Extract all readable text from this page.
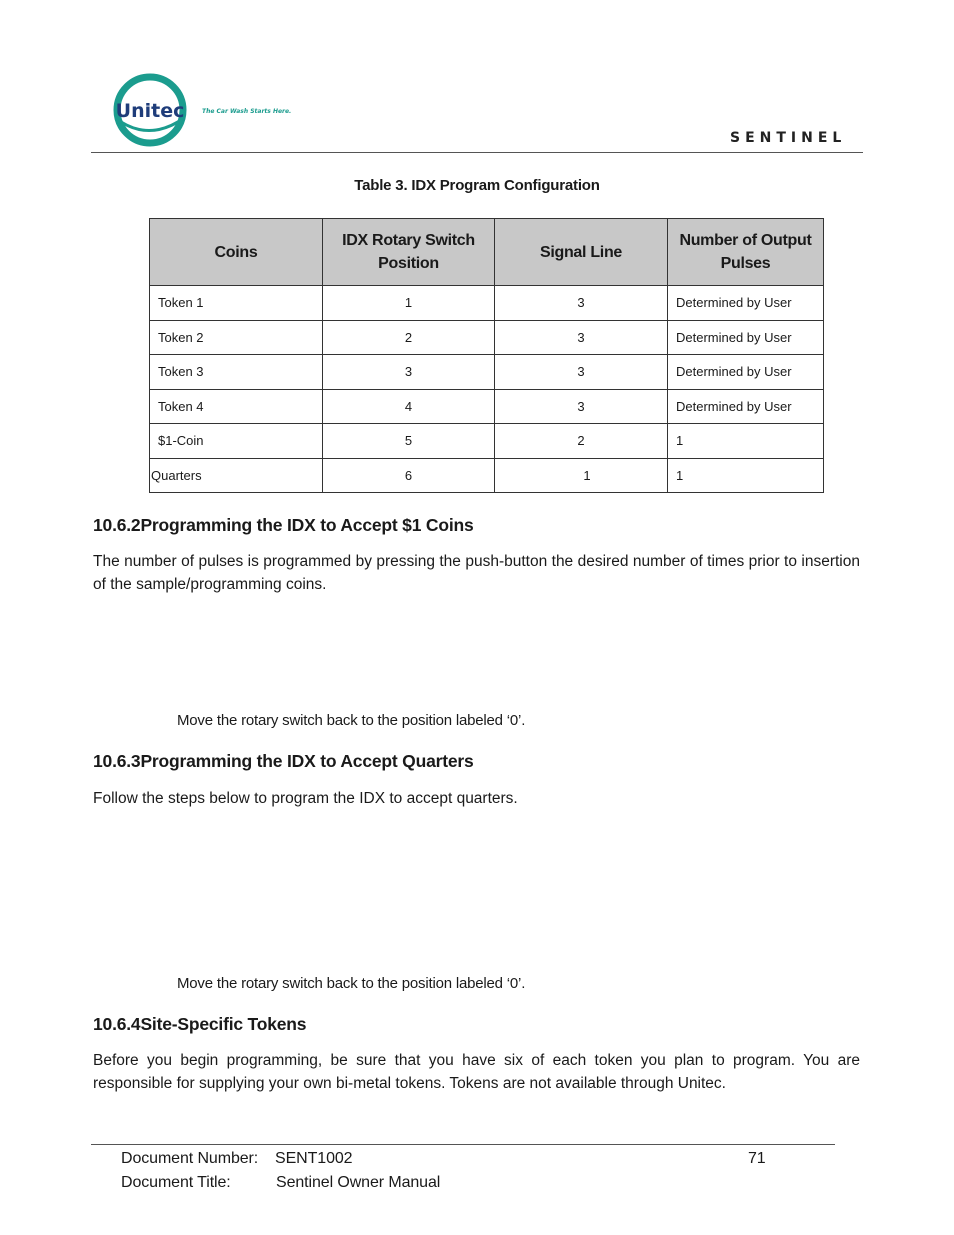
Unitec	The Car Wash Starts Here.
SENTINEL
Table 3. IDX Program Configuration
Coins	IDX Rotary Switch Position	Signal Line	Number of Output Pulses
Token 1	1	3	Determined by User
Token 2	2	3	Determined by User
Token 3	3	3	Determined by User
Token 4	4	3	Determined by User
$1-Coin	5	2	1
Quarters	6	1	1
10.6.2Programming the IDX to Accept $1 Coins
The number of pulses is programmed by pressing the push-button the desired number of times prior to insertion of the sample/programming coins.
Move the rotary switch back to the position labeled ‘0’.
10.6.3Programming the IDX to Accept Quarters
Follow the steps below to program the IDX to accept quarters.
Move the rotary switch back to the position labeled ‘0’.
10.6.4Site-Specific Tokens
Before you begin programming, be sure that you have six of each token you plan to program. You are responsible for supplying your own bi-metal tokens. Tokens are not available through Unitec.
Document Number: SENT1002	71
Document Title:	Sentinel Owner Manual
